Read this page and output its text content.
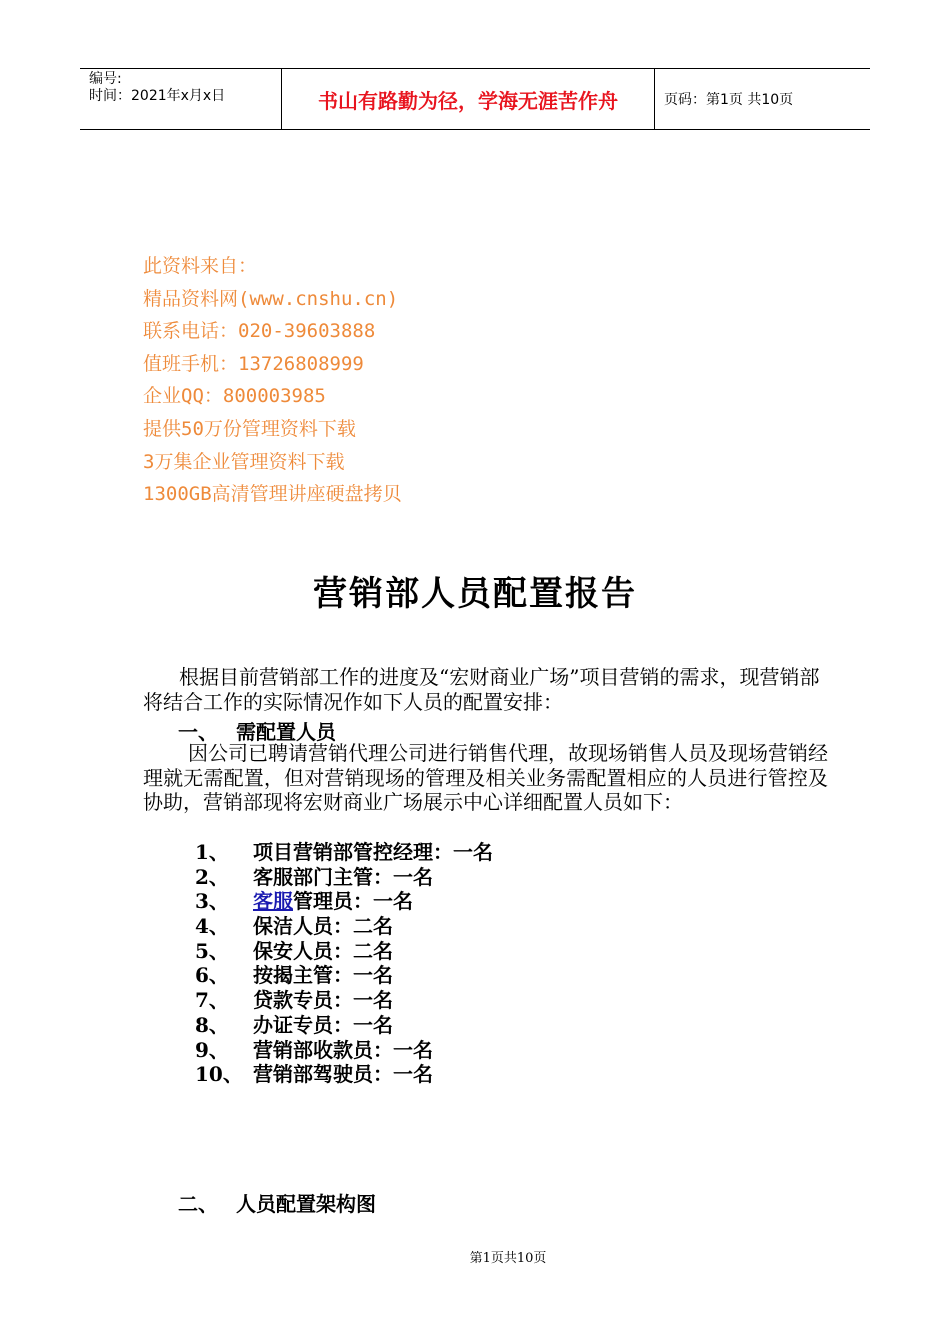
编号:
时间：2021年x月x日	书山有路勤为径，学海无涯苦作舟	页码：第1页 共10页
此资料来自：
精品资料网(www.cnshu.cn)
联系电话：020-39603888
值班手机：13726808999
企业QQ：800003985
提供50万份管理资料下载
3万集企业管理资料下载
1300GB高清管理讲座硬盘拷贝
营销部人员配置报告
根据目前营销部工作的进度及“宏财商业广场”项目营销的需求，现营销部将结合工作的实际情况作如下人员的配置安排：
一、 需配置人员
因公司已聘请营销代理公司进行销售代理，故现场销售人员及现场营销经理就无需配置，但对营销现场的管理及相关业务需配置相应的人员进行管控及协助，营销部现将宏财商业广场展示中心详细配置人员如下：
1、 项目营销部管控经理：一名
2、 客服部门主管：一名
3、 客服管理员：一名
4、 保洁人员：二名
5、 保安人员：二名
6、 按揭主管：一名
7、 贷款专员：一名
8、 办证专员：一名
9、 营销部收款员：一名
10、 营销部驾驶员：一名
二、 人员配置架构图
第1页共10页
